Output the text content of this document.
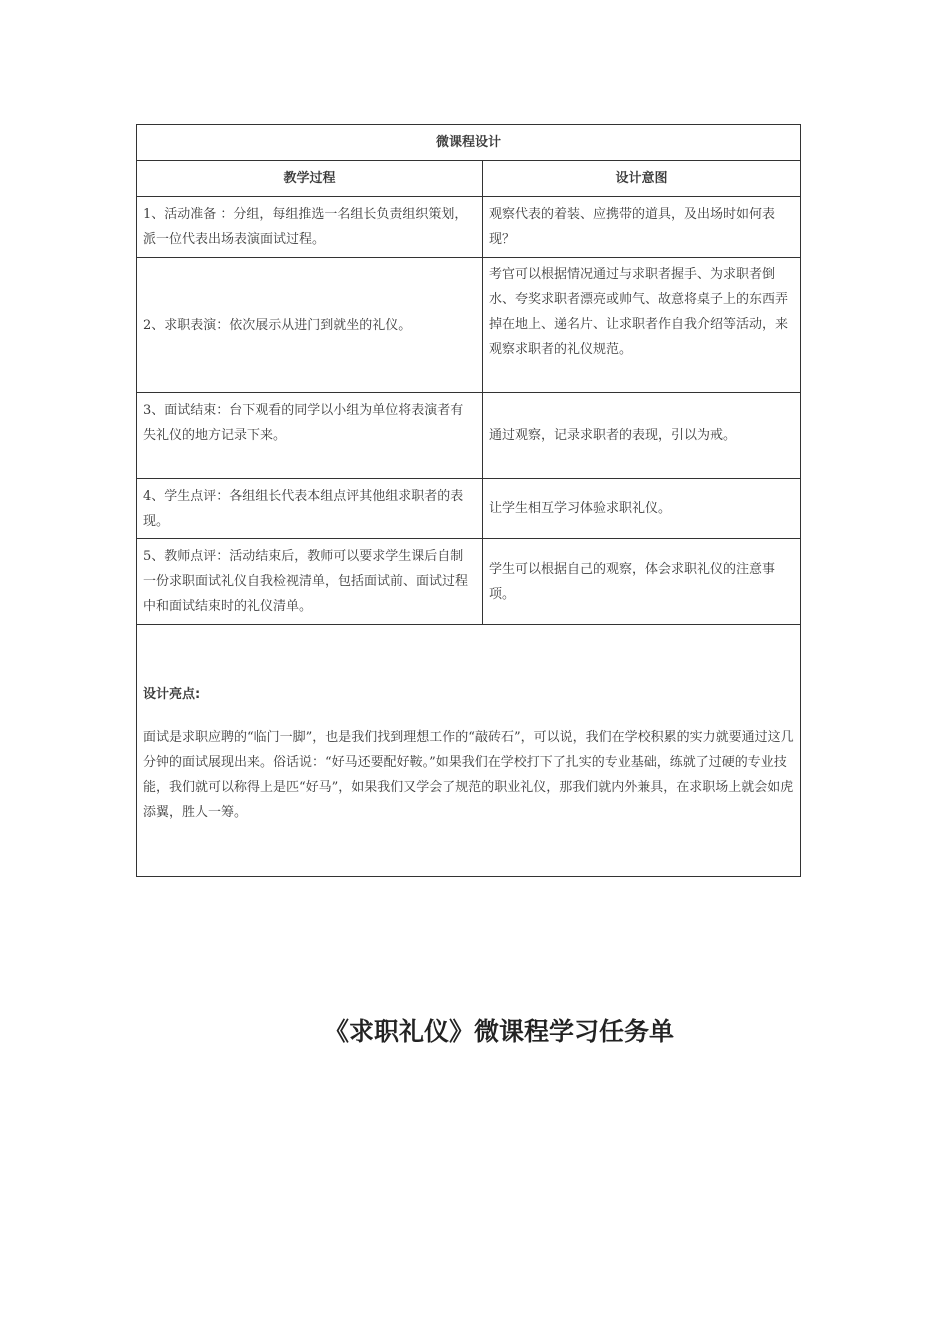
微课程设计	
教学过程	设计意图
1、活动准备 ：分组，每组推选一名组长负责组织策划，派一位代表出场表演面试过程。	观察代表的着装、应携带的道具，及出场时如何表现？
2、求职表演：依次展示从进门到就坐的礼仪。	考官可以根据情况通过与求职者握手、为求职者倒水、夸奖求职者漂亮或帅气、故意将桌子上的东西弄掉在地上、递名片、让求职者作自我介绍等活动，来观察求职者的礼仪规范。
3、面试结束：台下观看的同学以小组为单位将表演者有失礼仪的地方记录下来。	通过观察，记录求职者的表现，引以为戒。
4、学生点评：各组组长代表本组点评其他组求职者的表现。	让学生相互学习体验求职礼仪。
5、教师点评：活动结束后，教师可以要求学生课后自制一份求职面试礼仪自我检视清单，包括面试前、面试过程中和面试结束时的礼仪清单。	学生可以根据自己的观察，体会求职礼仪的注意事项。

设计亮点:
面试是求职应聘的“临门一脚”，也是我们找到理想工作的“敲砖石”，可以说，我们在学校积累的实力就要通过这几分钟的面试展现出来。俗话说：“好马还要配好鞍。”如果我们在学校打下了扎实的专业基础，练就了过硬的专业技能，我们就可以称得上是匹“好马”，如果我们又学会了规范的职业礼仪，那我们就内外兼具，在求职场上就会如虎添翼，胜人一筹。	
《求职礼仪》微课程学习任务单
